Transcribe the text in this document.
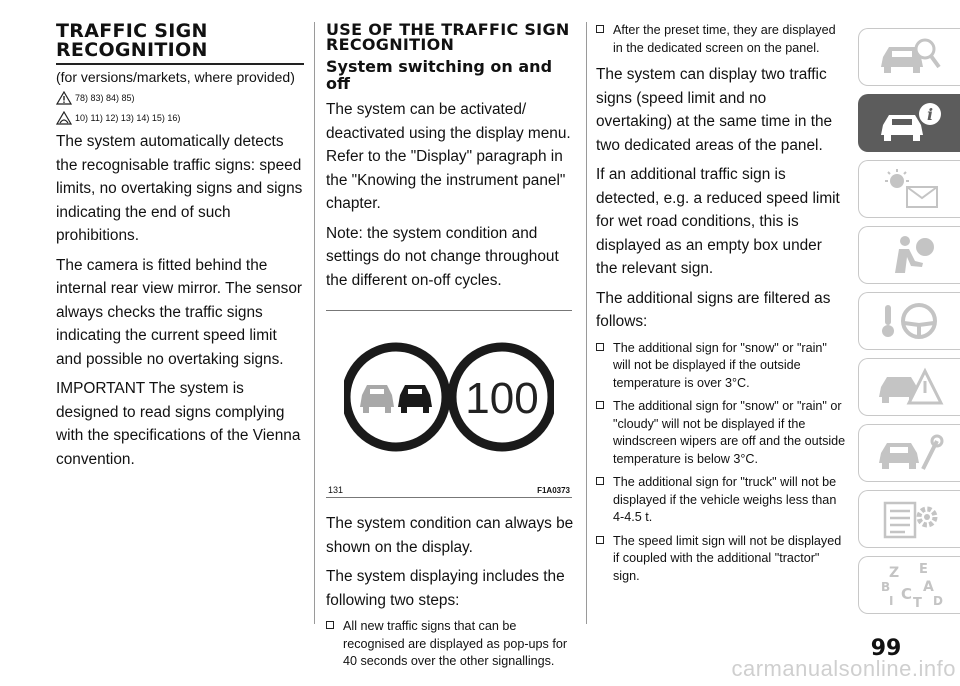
TRAFFIC SIGN RECOGNITION

(for versions/markets, where provided)

78) 83) 84) 85)
10) 11) 12) 13) 14) 15) 16)

The system automatically detects the recognisable traffic signs: speed limits, no overtaking signs and signs indicating the end of such prohibitions.

The camera is fitted behind the internal rear view mirror. The sensor always checks the traffic signs indicating the current speed limit and possible no overtaking signs.

IMPORTANT The system is designed to read signs complying with the specifications of the Vienna convention.

USE OF THE TRAFFIC SIGN RECOGNITION
System switching on and off

The system can be activated/ deactivated using the display menu. Refer to the "Display" paragraph in the "Knowing the instrument panel" chapter.

Note: the system condition and settings do not change throughout the different on-off cycles.

100
131	F1A0373

The system condition can always be shown on the display.

The system displaying includes the following two steps:

All new traffic signs that can be recognised are displayed as pop-ups for 40 seconds over the other signallings.
After the preset time, they are displayed in the dedicated screen on the panel.

The system can display two traffic signs (speed limit and no overtaking) at the same time in the two dedicated areas of the panel.

If an additional traffic sign is detected, e.g. a reduced speed limit for wet road conditions, this is displayed as an empty box under the relevant sign.

The additional signs are filtered as follows:

The additional sign for "snow" or "rain" will not be displayed if the outside temperature is over 3°C.
The additional sign for "snow" or "rain" or "cloudy" will not be displayed if the windscreen wipers are off and the outside temperature is below 3°C.
The additional sign for "truck" will not be displayed if the vehicle weighs less than 4-4.5 t.
The speed limit sign will not be displayed if coupled with the additional "tractor" sign.
i
Z E
B A
C
I T D
99
carmanualsonline.info
